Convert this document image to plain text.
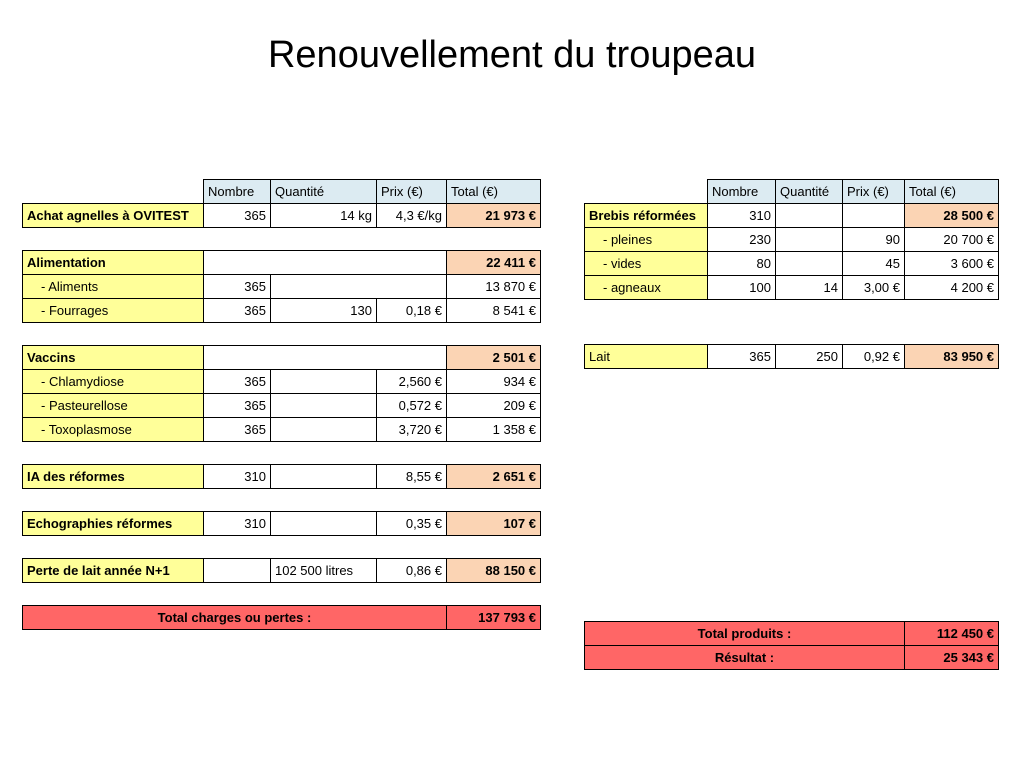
Renouvellement du troupeau
	Nombre	Quantité	Prix (€)	Total (€)
Achat agnelles à OVITEST	365	14 kg	4,3 €/kg	21 973 €

Alimentation				22 411 €
- Aliments	365			13 870 €
- Fourrages	365	130	0,18 €	8 541 €

Vaccins				2 501 €
- Chlamydiose	365		2,560 €	934 €
- Pasteurellose	365		0,572 €	209 €
- Toxoplasmose	365		3,720 €	1 358 €

IA des réformes	310		8,55 €	2 651 €

Echographies réformes	310		0,35 €	107 €

Perte de lait année N+1		102 500 litres	0,86 €	88 150 €

Total charges ou pertes :				137 793 €
	Nombre	Quantité	Prix (€)	Total (€)
Brebis réformées	310			28 500 €
- pleines	230		90	20 700 €
- vides	80		45	3 600 €
- agneaux	100	14	3,00 €	4 200 €

Lait	365	250	0,92 €	83 950 €
Total produits :	112 450 €
Résultat :	25 343 €
